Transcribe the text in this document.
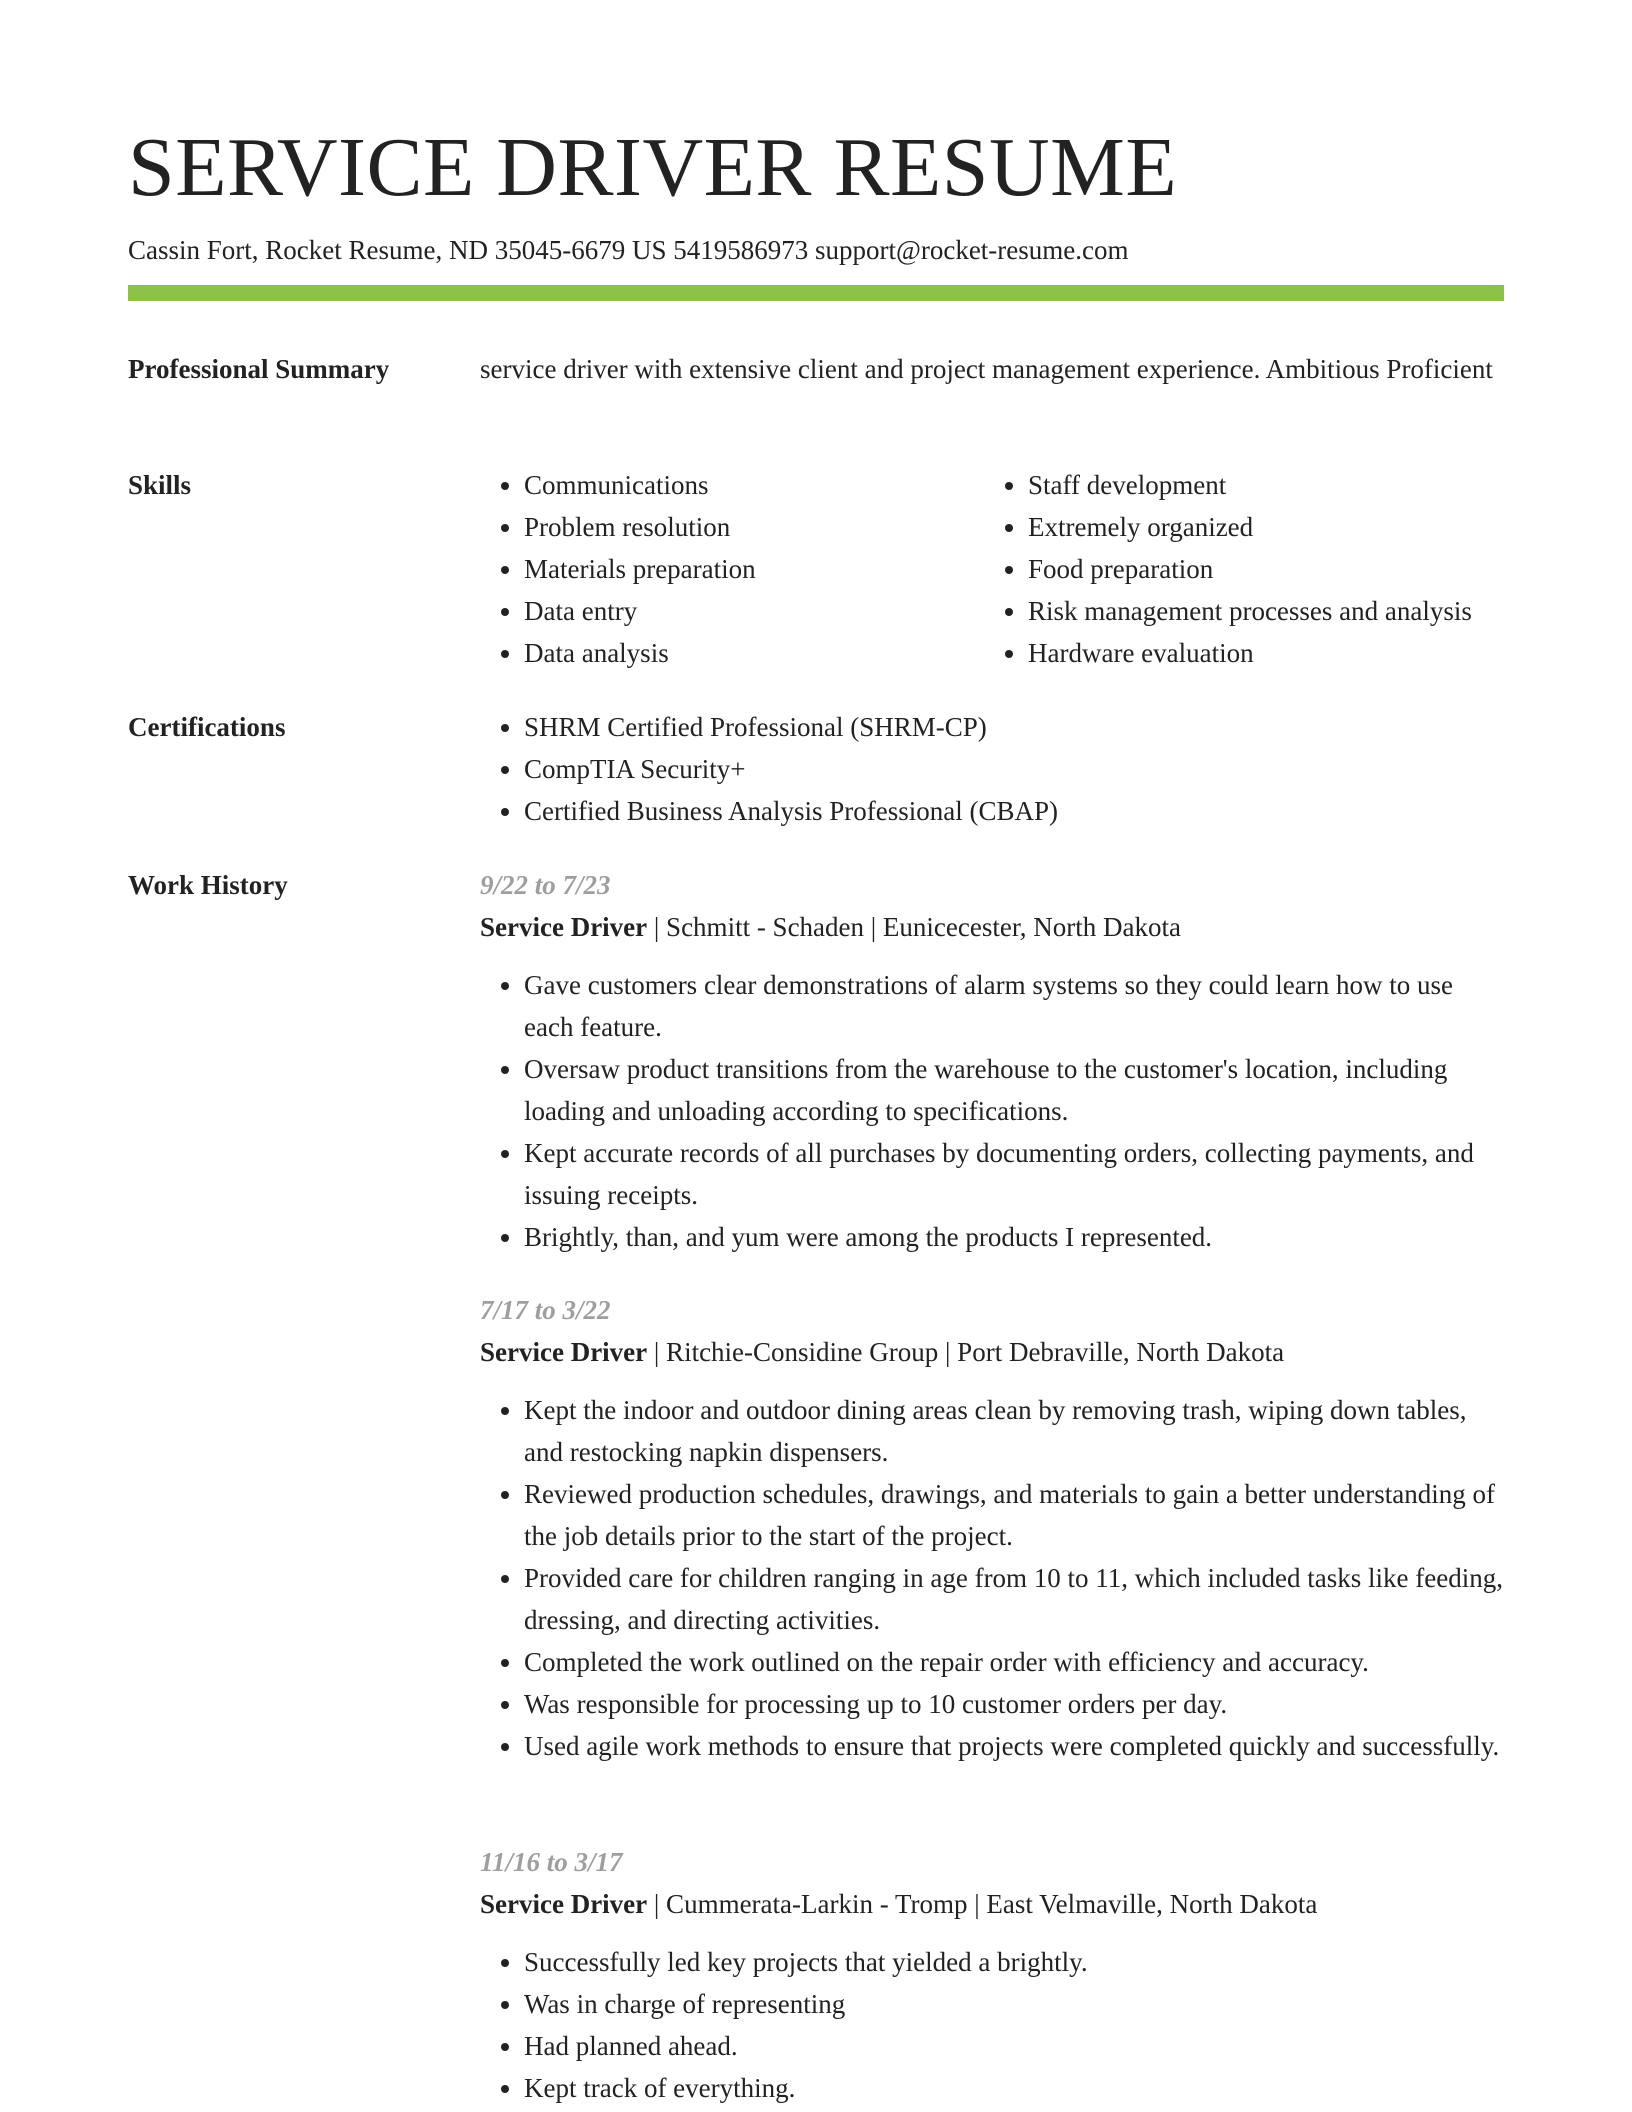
SERVICE DRIVER RESUME
Cassin Fort, Rocket Resume, ND 35045-6679 US 5419586973 support@rocket-resume.com
Professional Summary	service driver with extensive client and project management experience. Ambitious Proficient
Skills	• Communications
• Problem resolution
• Materials preparation
• Data entry
• Data analysis
• Staff development
• Extremely organized
• Food preparation
• Risk management processes and analysis
• Hardware evaluation
Certifications	• SHRM Certified Professional (SHRM-CP)
• CompTIA Security+
• Certified Business Analysis Professional (CBAP)
Work History	9/22 to 7/23
Service Driver | Schmitt - Schaden | Eunicecester, North Dakota
• Gave customers clear demonstrations of alarm systems so they could learn how to use each feature.
• Oversaw product transitions from the warehouse to the customer's location, including loading and unloading according to specifications.
• Kept accurate records of all purchases by documenting orders, collecting payments, and issuing receipts.
• Brightly, than, and yum were among the products I represented.
7/17 to 3/22
Service Driver | Ritchie-Considine Group | Port Debraville, North Dakota
• Kept the indoor and outdoor dining areas clean by removing trash, wiping down tables, and restocking napkin dispensers.
• Reviewed production schedules, drawings, and materials to gain a better understanding of the job details prior to the start of the project.
• Provided care for children ranging in age from 10 to 11, which included tasks like feeding, dressing, and directing activities.
• Completed the work outlined on the repair order with efficiency and accuracy.
• Was responsible for processing up to 10 customer orders per day.
• Used agile work methods to ensure that projects were completed quickly and successfully.
11/16 to 3/17
Service Driver | Cummerata-Larkin - Tromp | East Velmaville, North Dakota
• Successfully led key projects that yielded a brightly.
• Was in charge of representing
• Had planned ahead.
• Kept track of everything.
